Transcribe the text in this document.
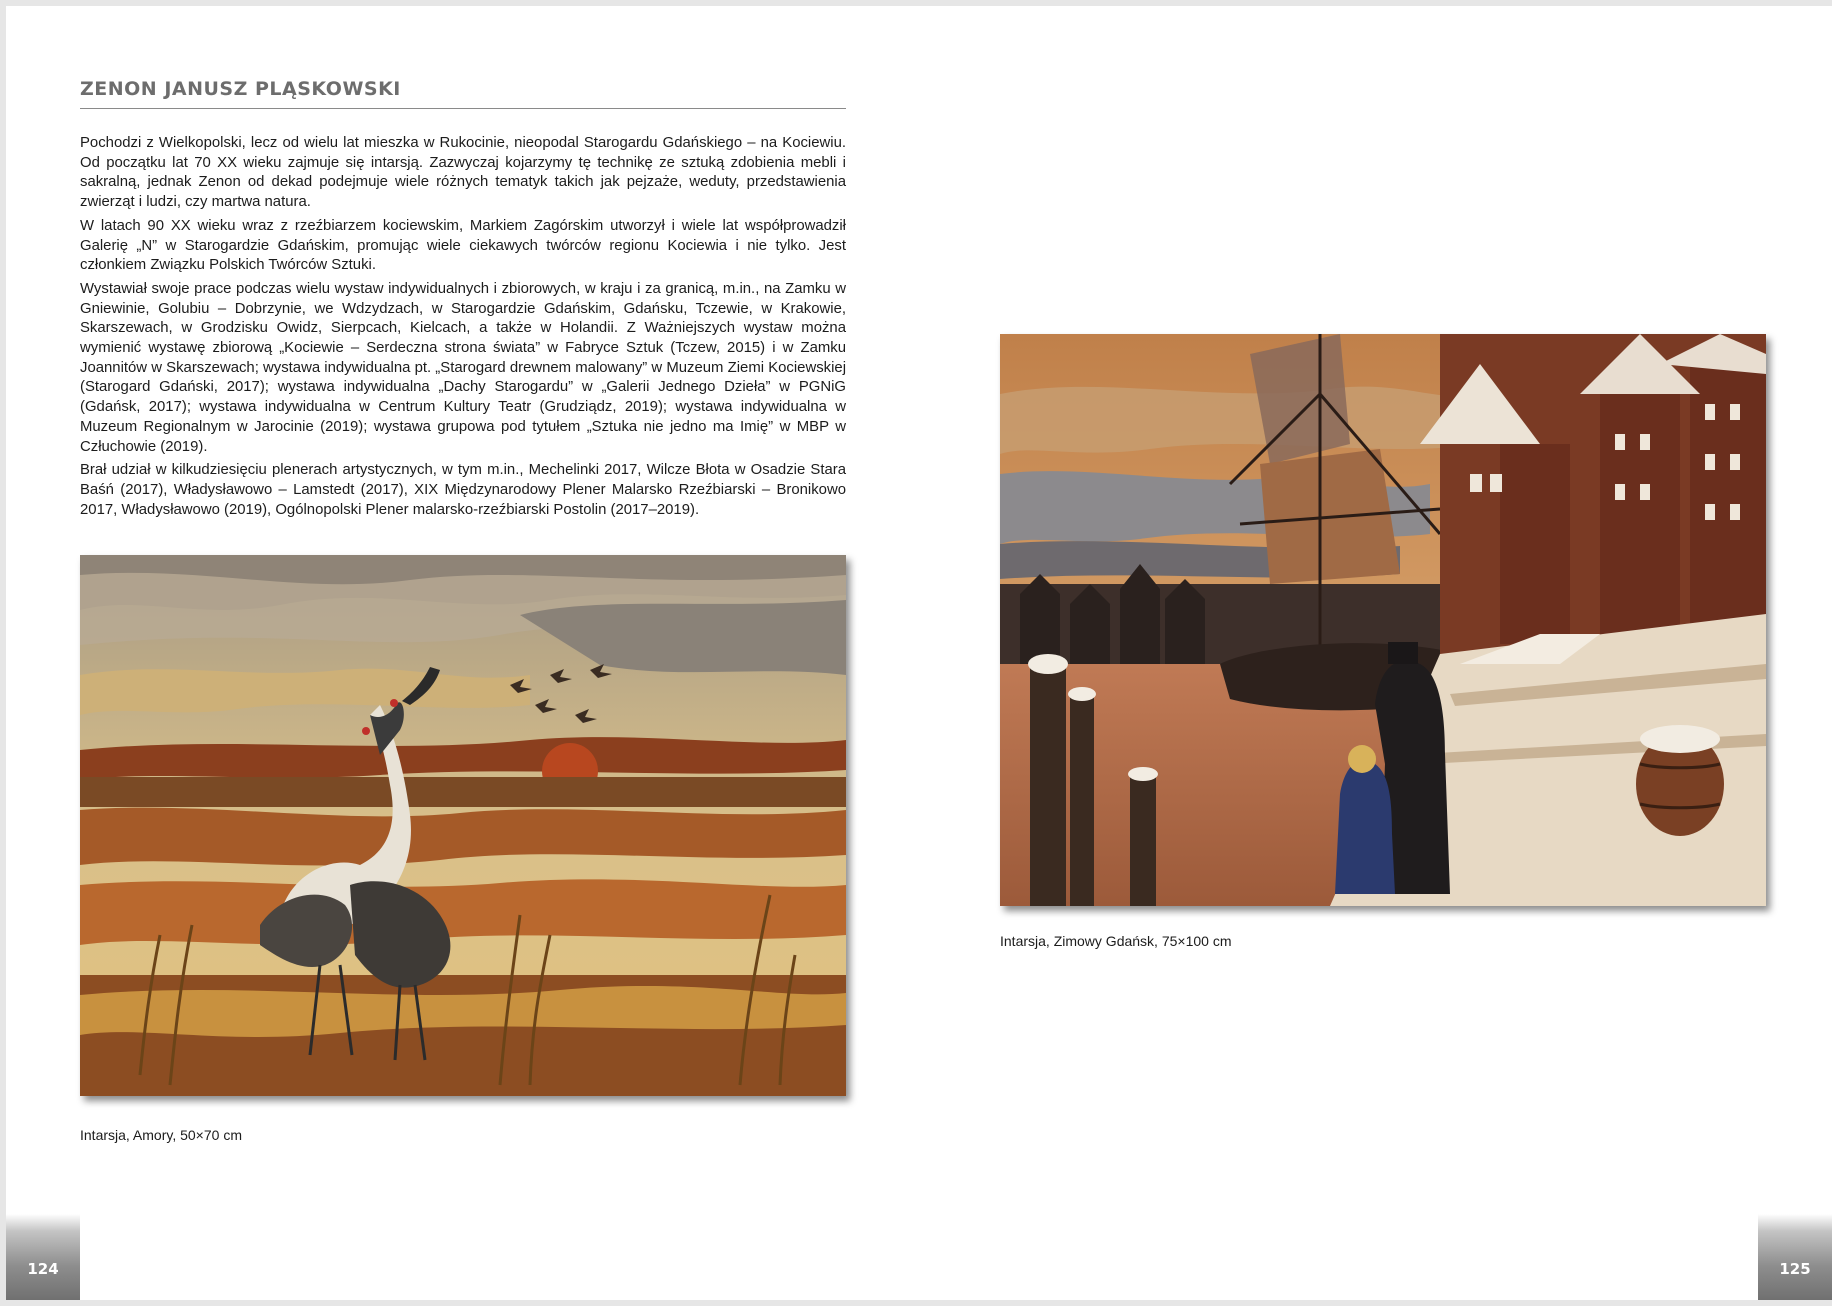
ZENON JANUSZ PLĄSKOWSKI

Pochodzi z Wielkopolski, lecz od wielu lat mieszka w Rukocinie, nieopodal Starogardu Gdańskiego – na Kociewiu. Od początku lat 70 XX wieku zajmuje się intarsją. Zazwyczaj kojarzymy tę technikę ze sztuką zdobienia mebli i sakralną, jednak Zenon od dekad podejmuje wiele różnych tematyk takich jak pejzaże, weduty, przedstawienia zwierząt i ludzi, czy martwa natura.

W latach 90 XX wieku wraz z rzeźbiarzem kociewskim, Markiem Zagórskim utworzył i wiele lat współprowadził Galerię „N” w Starogardzie Gdańskim, promując wiele ciekawych twórców regionu Kociewia i nie tylko. Jest członkiem Związku Polskich Twórców Sztuki.

Wystawiał swoje prace podczas wielu wystaw indywidualnych i zbiorowych, w kraju i za granicą, m.in., na Zamku w Gniewinie, Golubiu – Dobrzynie, we Wdzydzach, w Starogardzie Gdańskim, Gdańsku, Tczewie, w Krakowie, Skarszewach, w Grodzisku Owidz, Sierpcach, Kielcach, a także w Holandii. Z Ważniejszych wystaw można wymienić wystawę zbiorową „Kociewie – Serdeczna strona świata” w Fabryce Sztuk (Tczew, 2015) i w Zamku Joannitów w Skarszewach; wystawa indywidualna pt. „Starogard drewnem malowany” w Muzeum Ziemi Kociewskiej (Starogard Gdański, 2017); wystawa indywidualna „Dachy Starogardu” w „Galerii Jednego Dzieła” w PGNiG (Gdańsk, 2017); wystawa indywidualna w Centrum Kultury Teatr (Grudziądz, 2019); wystawa indywidualna w Muzeum Regionalnym w Jarocinie (2019); wystawa grupowa pod tytułem „Sztuka nie jedno ma Imię” w MBP w Człuchowie (2019).

Brał udział w kilkudziesięciu plenerach artystycznych, w tym m.in., Mechelinki 2017, Wilcze Błota w Osadzie Stara Baśń (2017), Władysławowo – Lamstedt (2017), XIX Międzynarodowy Plener Malarsko Rzeźbiarski – Bronikowo 2017, Władysławowo (2019), Ogólnopolski Plener malarsko-rzeźbiarski Postolin (2017–2019).

Intarsja, Amory, 50×70 cm

Intarsja, Zimowy Gdańsk, 75×100 cm

124	125
